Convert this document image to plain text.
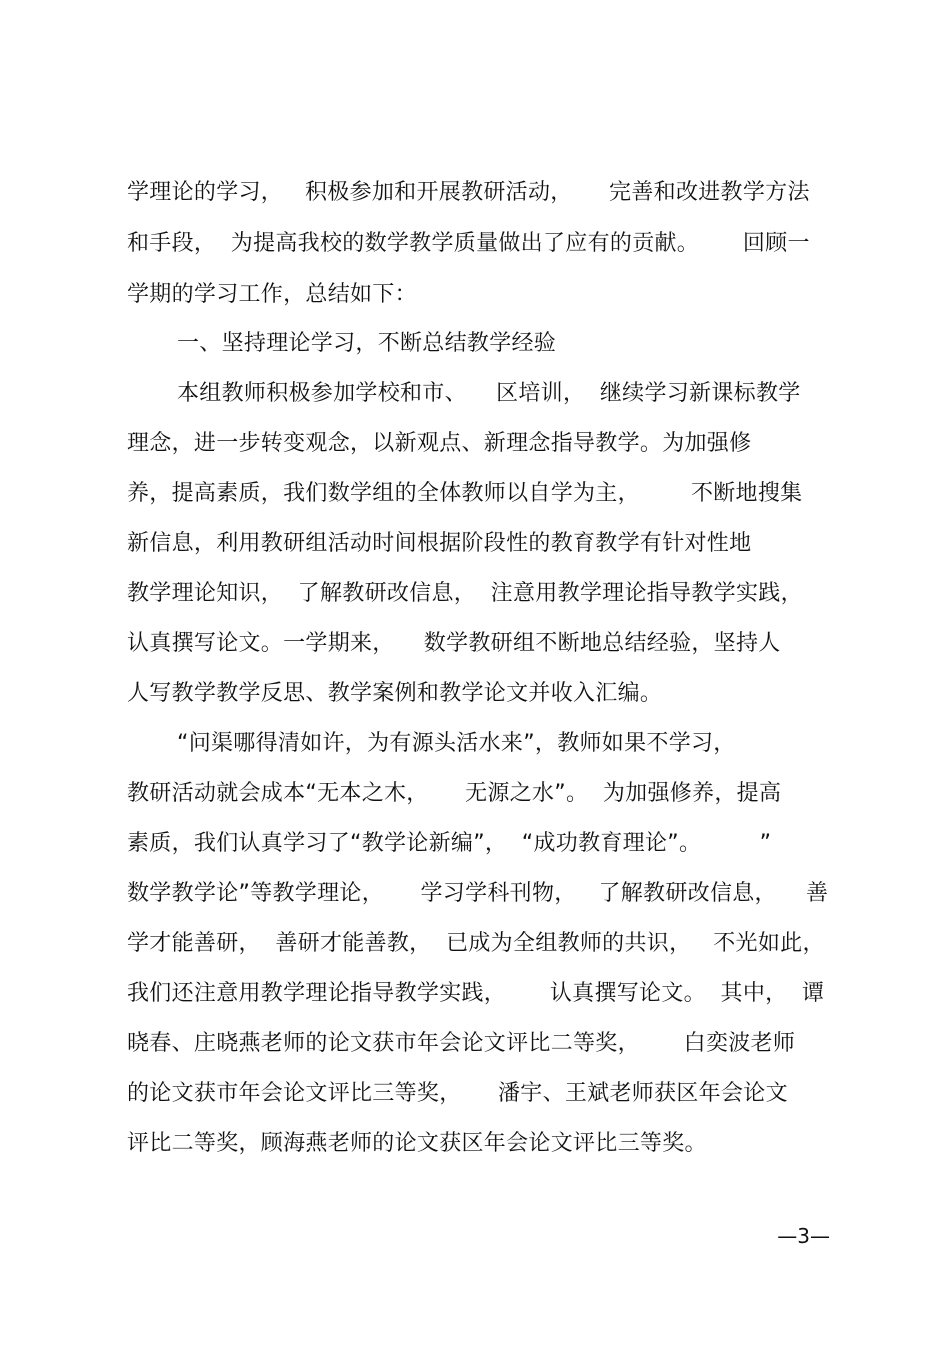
学理论的学习，   积极参加和开展教研活动，     完善和改进教学方法
和手段，  为提高我校的数学教学质量做出了应有的贡献。      回顾一
学期的学习工作，总结如下：
一、坚持理论学习，不断总结教学经验
本组教师积极参加学校和市、    区培训，  继续学习新课标教学
理念，进一步转变观念，以新观点、新理念指导教学。为加强修
养，提高素质，我们数学组的全体教师以自学为主，       不断地搜集
新信息，利用教研组活动时间根据阶段性的教育教学有针对性地
教学理论知识，  了解教研改信息，  注意用教学理论指导教学实践，
认真撰写论文。一学期来，    数学教研组不断地总结经验，坚持人
人写教学教学反思、教学案例和教学论文并收入汇编。
“问渠哪得清如许，为有源头活水来”，教师如果不学习，
教研活动就会成本“无本之木，     无源之水”。  为加强修养，提高
素质，我们认真学习了“教学论新编”，  “成功教育理论”。        ”
数学教学论”等教学理论，     学习学科刊物，   了解教研改信息，    善
学才能善研，  善研才能善教，  已成为全组教师的共识，   不光如此，
我们还注意用教学理论指导教学实践，      认真撰写论文。  其中，  谭
晓春、庄晓燕老师的论文获市年会论文评比二等奖，      白奕波老师
的论文获市年会论文评比三等奖，     潘宇、王斌老师获区年会论文
评比二等奖，顾海燕老师的论文获区年会论文评比三等奖。
—3—
